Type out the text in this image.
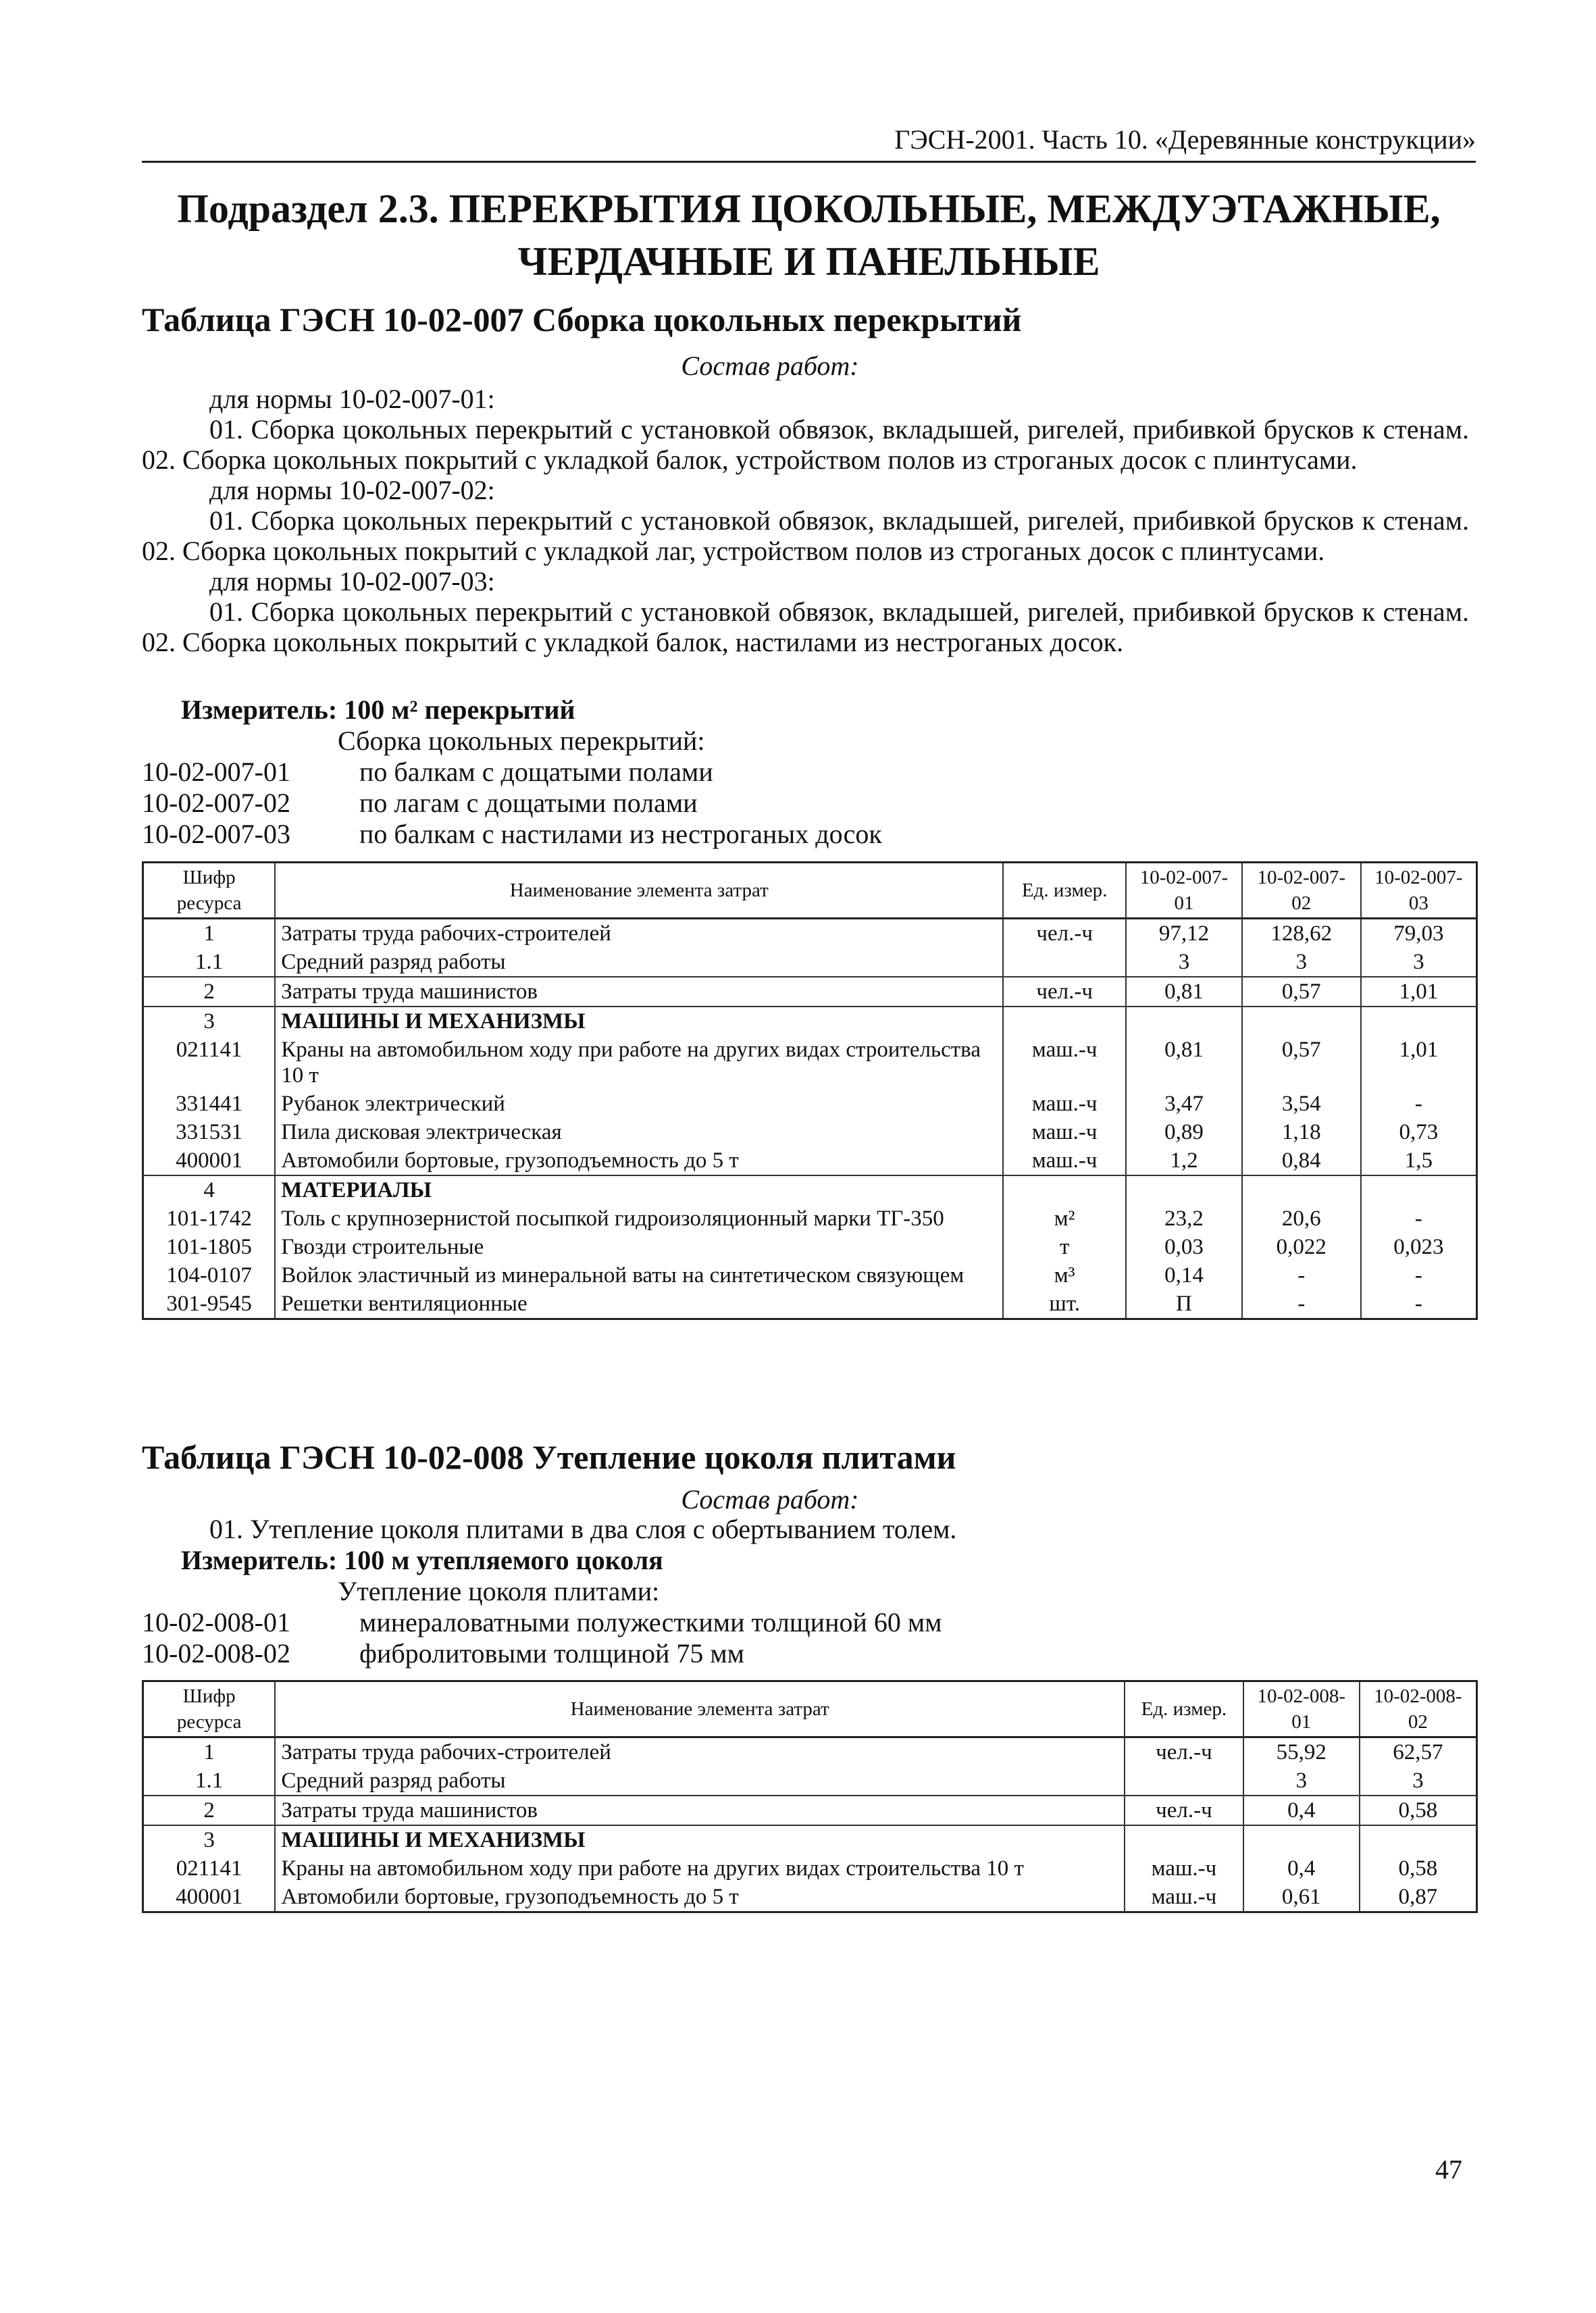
ГЭСН-2001. Часть 10. «Деревянные конструкции»
Подраздел 2.3. ПЕРЕКРЫТИЯ ЦОКОЛЬНЫЕ, МЕЖДУЭТАЖНЫЕ,
ЧЕРДАЧНЫЕ И ПАНЕЛЬНЫЕ
Таблица ГЭСН 10-02-007 Сборка цокольных перекрытий
Состав работ:

для нормы 10-02-007-01:

01. Сборка цокольных перекрытий с установкой обвязок, вкладышей, ригелей, прибивкой брусков к стенам. 02. Сборка цокольных покрытий с укладкой балок, устройством полов из строганых досок с плинтусами.

для нормы 10-02-007-02:

01. Сборка цокольных перекрытий с установкой обвязок, вкладышей, ригелей, прибивкой брусков к стенам. 02. Сборка цокольных покрытий с укладкой лаг, устройством полов из строганых досок с плинтусами.

для нормы 10-02-007-03:

01. Сборка цокольных перекрытий с установкой обвязок, вкладышей, ригелей, прибивкой брусков к стенам. 02. Сборка цокольных покрытий с укладкой балок, настилами из нестроганых досок.

Измеритель: 100 м² перекрытий
Сборка цокольных перекрытий:
10-02-007-01	по балкам с дощатыми полами
10-02-007-02	по лагам с дощатыми полами
10-02-007-03	по балкам с настилами из нестроганых досок
Шифр ресурса	Наименование элемента затрат	Ед. измер.	10-02-007-01	10-02-007-02	10-02-007-03
1	Затраты труда рабочих-строителей	чел.-ч	97,12	128,62	79,03
1.1	Средний разряд работы		3	3	3
2	Затраты труда машинистов	чел.-ч	0,81	0,57	1,01
3	МАШИНЫ И МЕХАНИЗМЫ				
021141	Краны на автомобильном ходу при работе на других видах строительства 10 т	маш.-ч	0,81	0,57	1,01
331441	Рубанок электрический	маш.-ч	3,47	3,54	-
331531	Пила дисковая электрическая	маш.-ч	0,89	1,18	0,73
400001	Автомобили бортовые, грузоподъемность до 5 т	маш.-ч	1,2	0,84	1,5
4	МАТЕРИАЛЫ				
101-1742	Толь с крупнозернистой посыпкой гидроизоляционный марки ТГ-350	м²	23,2	20,6	-
101-1805	Гвозди строительные	т	0,03	0,022	0,023
104-0107	Войлок эластичный из минеральной ваты на синтетическом связующем	м³	0,14	-	-
301-9545	Решетки вентиляционные	шт.	П	-	-
Таблица ГЭСН 10-02-008 Утепление цоколя плитами
Состав работ:

01. Утепление цоколя плитами в два слоя с обертыванием толем.

Измеритель: 100 м утепляемого цоколя
Утепление цоколя плитами:
10-02-008-01	минераловатными полужесткими толщиной 60 мм
10-02-008-02	фибролитовыми толщиной 75 мм
Шифр ресурса	Наименование элемента затрат	Ед. измер.	10-02-008-01	10-02-008-02
1	Затраты труда рабочих-строителей	чел.-ч	55,92	62,57
1.1	Средний разряд работы		3	3
2	Затраты труда машинистов	чел.-ч	0,4	0,58
3	МАШИНЫ И МЕХАНИЗМЫ			
021141	Краны на автомобильном ходу при работе на других видах строительства 10 т	маш.-ч	0,4	0,58
400001	Автомобили бортовые, грузоподъемность до 5 т	маш.-ч	0,61	0,87
47
